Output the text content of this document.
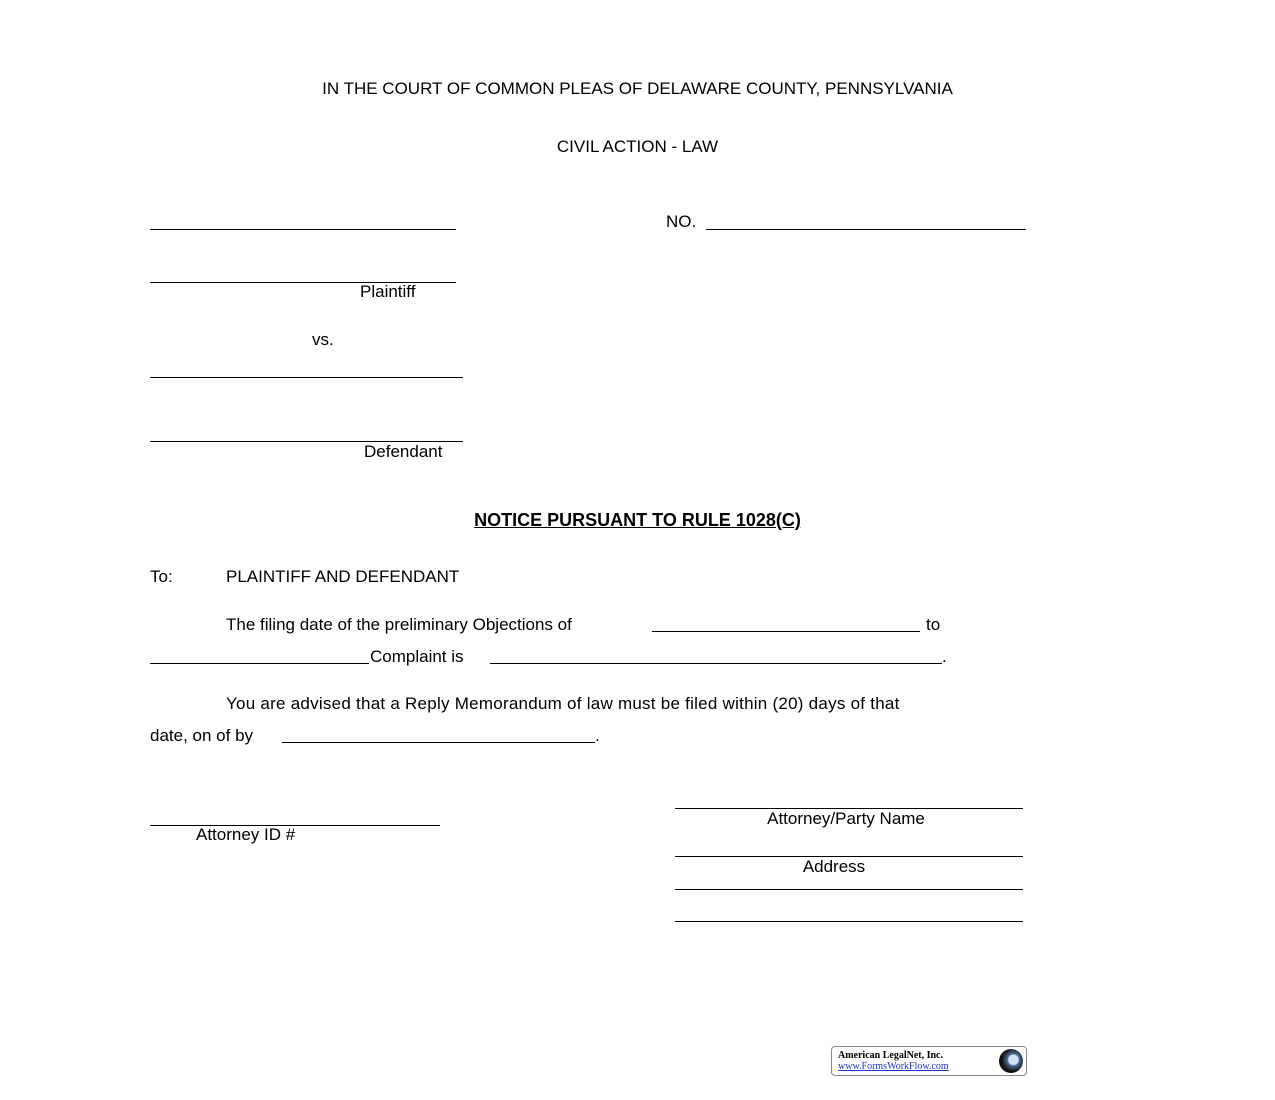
IN THE COURT OF COMMON PLEAS OF DELAWARE COUNTY, PENNSYLVANIA
CIVIL ACTION - LAW
NO.
Plaintiff
vs.
Defendant
NOTICE PURSUANT TO RULE 1028(C)
To:	PLAINTIFF AND DEFENDANT
The filing date of the preliminary Objections of	to
Complaint is	.
You are advised that a Reply Memorandum of law must be filed within (20) days of that
date, on of by	.
Attorney/Party Name
Attorney ID #
Address
American LegalNet, Inc.
www.FormsWorkFlow.com
